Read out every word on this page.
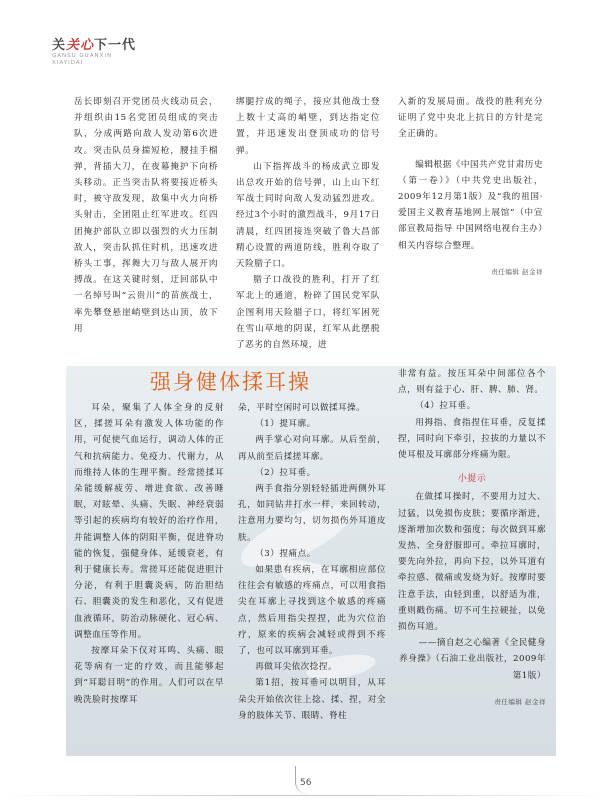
关关心下一代
GANSU GUANXIN
XIAYIDAI

岳长即刻召开党团员火线动员会，并组织由15名党团员组成的突击队，分成两路向敌人发动第6次进攻。突击队员身揣短枪，腰挂手榴弹，背插大刀，在夜幕掩护下向桥头移动。正当突击队将要接近桥头时，被守敌发现，敌集中火力向桥头射击，全团阻止红军进攻。红四团掩护部队立即以强烈的火力压制敌人，突击队抓住时机，迅速攻进桥头工事，挥舞大刀与敌人展开肉搏战。在这关键时刻，迂回部队中一名绰号叫“云贵川”的苗族战士，率先攀登悬崖峭壁到达山顶，放下用

绑腿拧成的绳子，接应其他战士登上数十丈高的峭壁，到达指定位置，并迅速发出登顶成功的信号弹。

山下指挥战斗的杨成武立即发出总攻开始的信号弹，山上山下红军战士同时向敌人发动猛烈进攻。经过3个小时的激烈战斗，9月17日清晨，红四团接连突破了鲁大昌部精心设置的两道防线，胜利夺取了天险腊子口。

腊子口战役的胜利，打开了红军北上的通道，粉碎了国民党军队企图利用天险腊子口，将红军困死在雪山草地的阴谋，红军从此摆脱了恶劣的自然环境，进

入新的发展局面。战役的胜利充分证明了党中央北上抗日的方针是完全正确的。

编辑根据《中国共产党甘肃历史（第一卷）》（中共党史出版社，2009年12月第1版）及“我的祖国·爱国主义教育基地网上展馆”（中宣部宣教局指导 中国网络电视台主办）相关内容综合整理。

责任编辑 赵金祥
强身健体揉耳操

耳朵，聚集了人体全身的反射区，揉搓耳朵有激发人体功能的作用，可促使气血运行，调动人体的正气和抗病能力、免疫力、代谢力，从而维持人体的生理平衡。经常搓揉耳朵能缓解疲劳、增进食欲、改善睡眠，对眩晕、头痛、失眠、神经衰弱等引起的疾病均有较好的治疗作用，并能调整人体的阴阳平衡，促进脊功能的恢复，强健身体、延缓衰老，有利于健康长寿。常搓耳还能促进胆汁分泌，有利于胆囊炎病，防治胆结石、胆囊炎的发生和恶化，又有促进血液循环，防治动脉硬化、冠心病、调整血压等作用。

按摩耳朵下仅对耳鸣、头痛、眼花等病有一定的疗效，而且能够起到“耳聪目明”的作用。人们可以在早晚洗脸时按摩耳

朵，平时空闲时可以做揉耳操。

（1）提耳廓。

两手掌心对向耳廓。从后至前，再从前至后揉搓耳廓。

（2）拉耳垂。

两手食指分别轻轻插进两侧外耳孔，如同钻井打水一样，来回转动，注意用力要均匀，切勿损伤外耳道皮肤。

（3）捏痛点。

如果患有疾病，在耳廓相应部位往往会有敏感的疼痛点，可以用食指尖在耳廓上寻找到这个敏感的疼痛点，然后用指尖捏捏，此为穴位治疗，原来的疾病会减轻或得到不疼了，也可以耳廓到耳垂。

再做耳尖依次捻捏。

第1招，按耳垂可以明目，从耳朵尖开始依次往上捻、揉、捏，对全身的肢体关节、眼睛、脊柱

非常有益。按压耳朵中间部位各个点，则有益于心、肝、脾、肺、肾。

（4）拉耳垂。

用拇指、食指捏住耳垂，反复揉捏，同时向下牵引，拉拔的力量以不使耳根及耳廓部分疼痛为限。

小提示

在做揉耳操时，不要用力过大、过猛，以免损伤皮肤；要循序渐进，逐渐增加次数和强度；每次做到耳廓发热、全身舒服即可。牵拉耳廓时，要先向外拉，再向下拉，以外耳道有牵拉感、微痛或发烧为好。按摩时要注意手法，由轻到重，以舒适为准，重则戳伤痛。切不可生拉硬扯，以免损伤耳道。

——摘自赵之心编著《全民健身养身操》（石油工业出版社，2009年第1版）

责任编辑 赵金祥
56
